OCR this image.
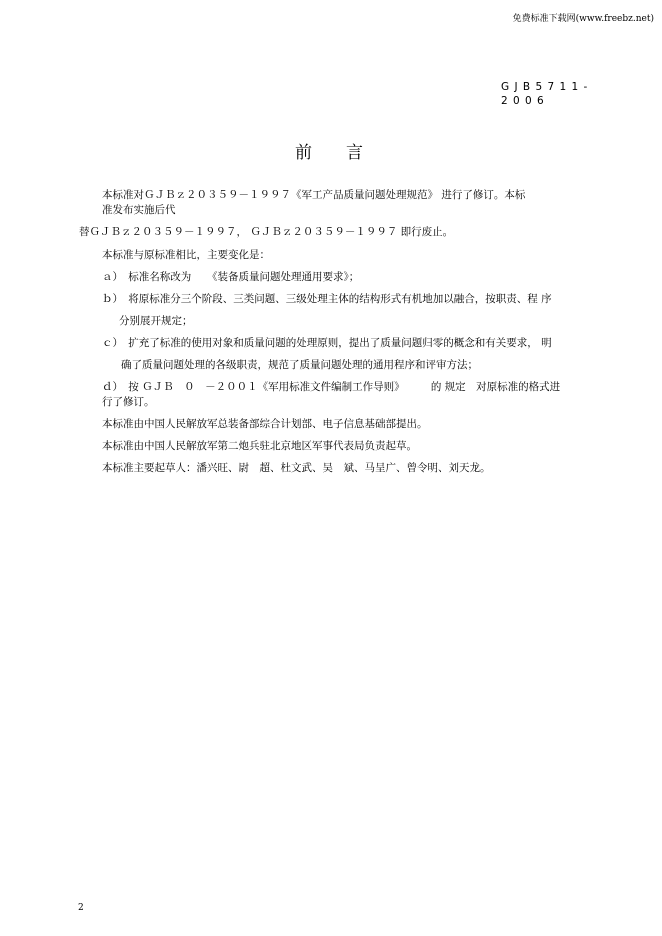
免费标准下载网(www.freebz.net)
G J B 5 7 1 1 -
2 0 0 6
前　　言
本标准对ＧＪＢｚ２０３５９－１９９７《军工产品质量问题处理规范》 进行了修订。本标
准发布实施后代
替ＧＪＢｚ２０３５９－１９９７， ＧＪＢｚ２０３５９－１９９７ 即行废止。
本标准与原标准相比，主要变化是：
ａ）　标准名称改为　　《装备质量问题处理通用要求》；
ｂ）　将原标准分三个阶段、三类问题、三级处理主体的结构形式有机地加以融合，按职责、程 序
分别展开规定；
ｃ）　扩充了标准的使用对象和质量问题的处理原则，提出了质量问题归零的概念和有关要求， 明
确了质量问题处理的各级职责，规范了质量问题处理的通用程序和评审方法；
ｄ）　按 ＧＪＢ　０　－２００１《军用标准文件编制工作导则》　　　的 规定　对原标准的格式进
行了修订。
本标准由中国人民解放军总装备部综合计划部、电子信息基础部提出。
本标准由中国人民解放军第二炮兵驻北京地区军事代表局负责起草。
本标准主要起草人：潘兴旺、尉　超、杜文武、吴　斌、马呈广、曾令明、刘天龙。
2
